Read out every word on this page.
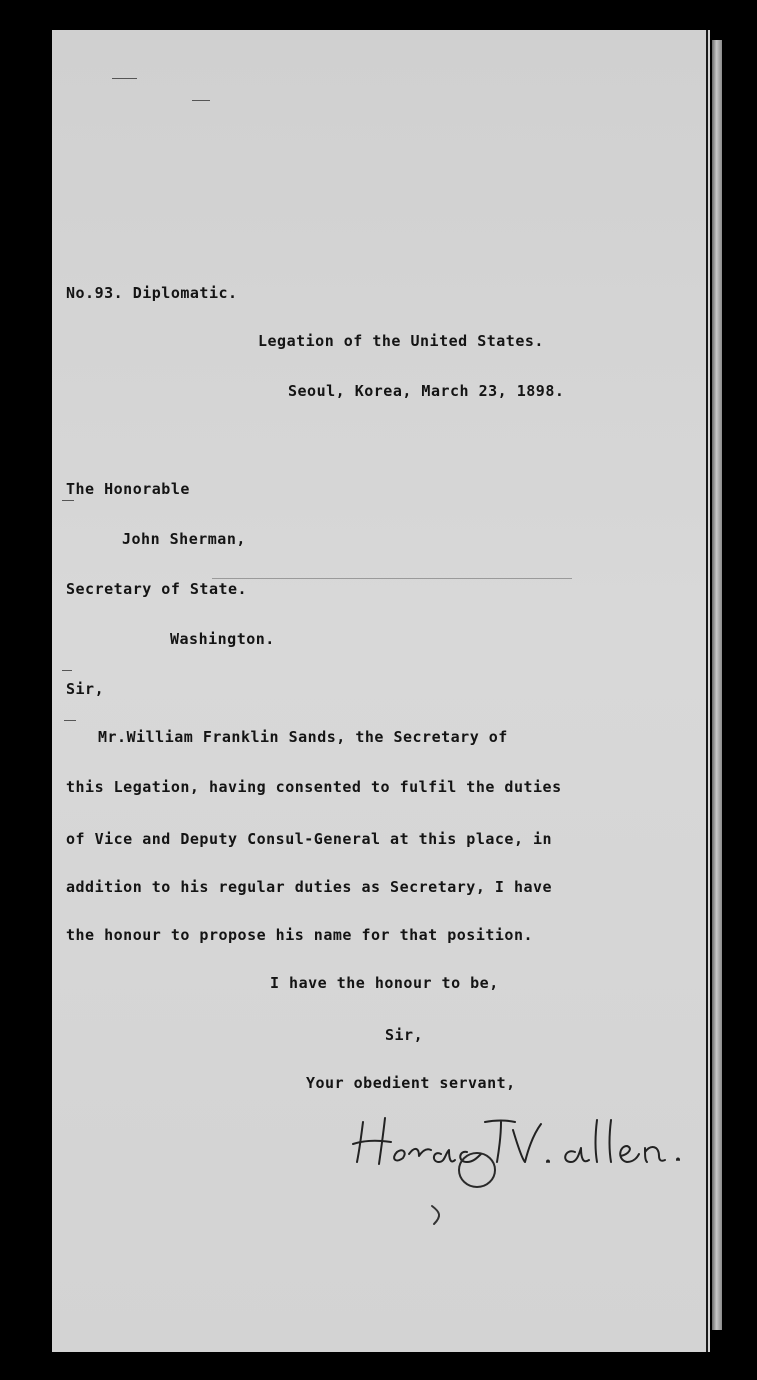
No.93. Diplomatic.
Legation of the United States.
Seoul, Korea, March 23, 1898.
The Honorable
John Sherman,
Secretary of State.
Washington.
Sir,
Mr.William Franklin Sands, the Secretary of
this Legation, having consented to fulfil the duties
of Vice and Deputy Consul-General at this place, in
addition to his regular duties as Secretary, I have
the honour to propose his name for that position.
I have the honour to be,
Sir,
Your obedient servant,
